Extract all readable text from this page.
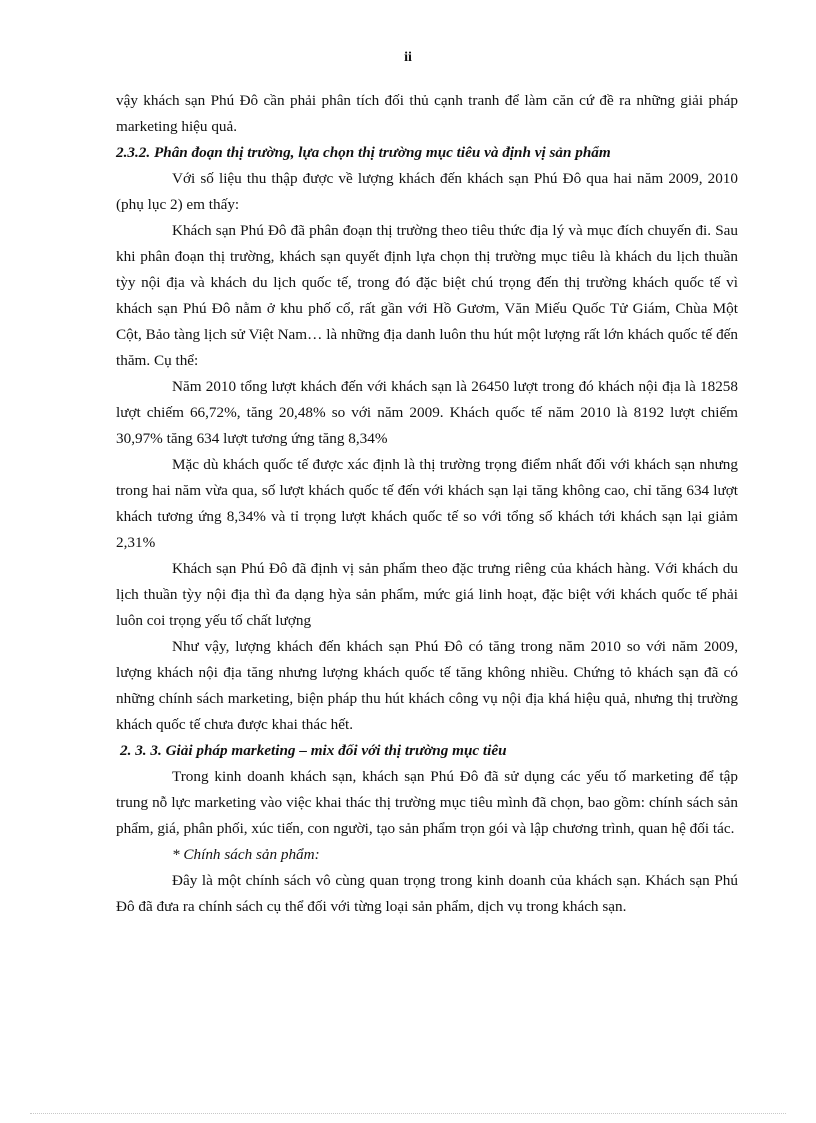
ii

vậy khách sạn Phú Đô cần phải phân tích đối thủ cạnh tranh để làm căn cứ đề ra những giải pháp marketing hiệu quả.

2.3.2. Phân đoạn thị trường, lựa chọn thị trường mục tiêu và định vị sản phẩm

Với số liệu thu thập được về lượng khách đến khách sạn Phú Đô qua hai năm 2009, 2010 (phụ lục 2) em thấy:

Khách sạn Phú Đô đã phân đoạn thị trường theo tiêu thức địa lý và mục đích chuyến đi. Sau khi phân đoạn thị trường, khách sạn quyết định lựa chọn thị trường mục tiêu là khách du lịch thuần tỳy nội địa và khách du lịch quốc tế, trong đó đặc biệt chú trọng đến thị trường khách quốc tế vì khách sạn Phú Đô nằm ở khu phố cổ, rất gần với Hồ Gươm, Văn Miếu Quốc Tử Giám, Chùa Một Cột, Bảo tàng lịch sử Việt Nam… là những địa danh luôn thu hút một lượng rất lớn khách quốc tế đến thăm. Cụ thể:

Năm 2010 tổng lượt khách đến với khách sạn là 26450 lượt trong đó khách nội địa là 18258 lượt chiếm 66,72%, tăng 20,48% so với năm 2009. Khách quốc tế năm 2010 là 8192 lượt chiếm 30,97% tăng 634 lượt tương ứng tăng 8,34%

Mặc dù khách quốc tế được xác định là thị trường trọng điểm nhất đối với khách sạn nhưng trong hai năm vừa qua, số lượt khách quốc tế đến với khách sạn lại tăng không cao, chỉ tăng 634 lượt khách tương ứng 8,34% và tỉ trọng lượt khách quốc tế so với tổng số khách tới khách sạn lại giảm 2,31%

Khách sạn Phú Đô đã định vị sản phẩm theo đặc trưng riêng của khách hàng. Với khách du lịch thuần tỳy nội địa thì đa dạng hỳa sản phẩm, mức giá linh hoạt, đặc biệt với khách quốc tế phải luôn coi trọng yếu tố chất lượng

Như vậy, lượng khách đến khách sạn Phú Đô có tăng trong năm 2010 so với năm 2009, lượng khách nội địa tăng nhưng lượng khách quốc tế tăng không nhiều. Chứng tỏ khách sạn đã có những chính sách marketing, biện pháp thu hút khách công vụ nội địa khá hiệu quả, nhưng thị trường khách quốc tế chưa được khai thác hết.

2. 3. 3. Giải pháp marketing – mix đối với thị trường mục tiêu

Trong kinh doanh khách sạn, khách sạn Phú Đô đã sử dụng các yếu tố marketing để tập trung nỗ lực marketing vào việc khai thác thị trường mục tiêu mình đã chọn, bao gồm: chính sách sản phẩm, giá, phân phối, xúc tiến, con người, tạo sản phẩm trọn gói và lập chương trình, quan hệ đối tác.

* Chính sách sản phẩm:

Đây là một chính sách vô cùng quan trọng trong kinh doanh của khách sạn. Khách sạn Phú Đô đã đưa ra chính sách cụ thể đối với từng loại sản phẩm, dịch vụ trong khách sạn.
